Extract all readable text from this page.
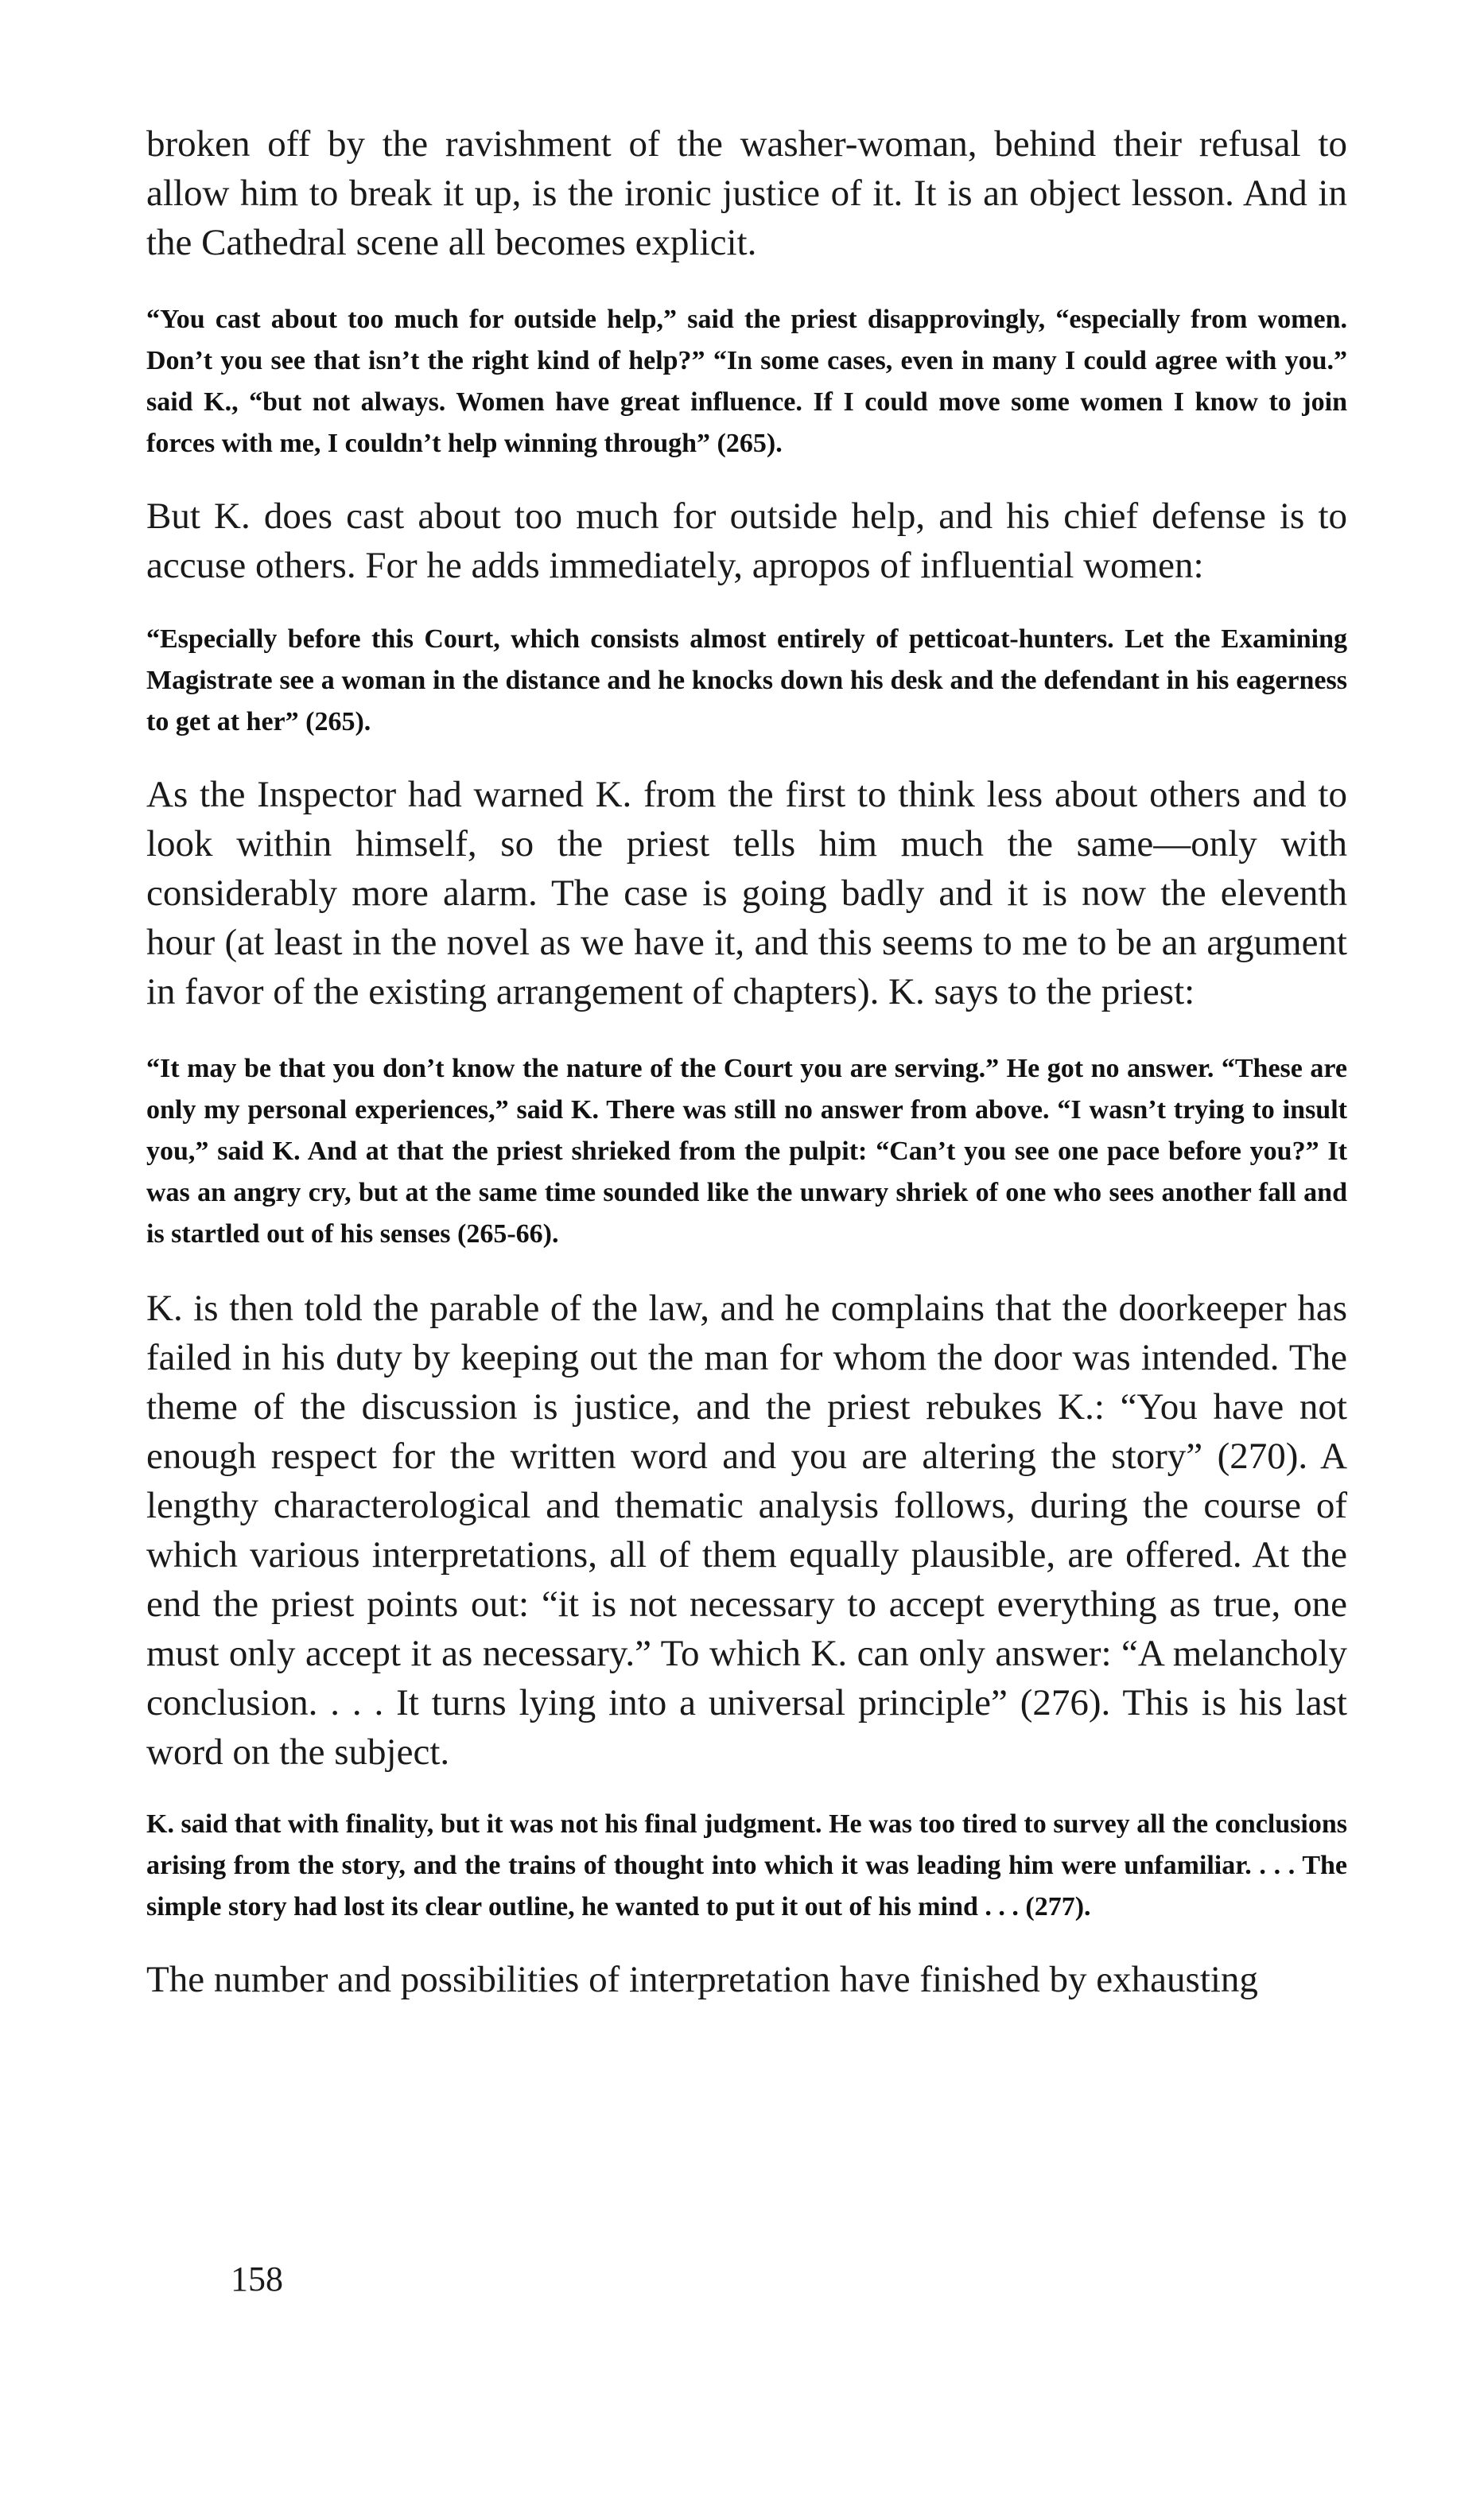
broken off by the ravishment of the washer-woman, behind their refusal to allow him to break it up, is the ironic justice of it. It is an object lesson. And in the Cathedral scene all becomes explicit.

“You cast about too much for outside help,” said the priest disapprovingly, “especially from women. Don’t you see that isn’t the right kind of help?” “In some cases, even in many I could agree with you.” said K., “but not always. Women have great influence. If I could move some women I know to join forces with me, I couldn’t help winning through” (265).

But K. does cast about too much for outside help, and his chief defense is to accuse others. For he adds immediately, apropos of influential women:

“Especially before this Court, which consists almost entirely of petticoat-hunters. Let the Examining Magistrate see a woman in the distance and he knocks down his desk and the defendant in his eagerness to get at her” (265).

As the Inspector had warned K. from the first to think less about others and to look within himself, so the priest tells him much the same—only with considerably more alarm. The case is going badly and it is now the eleventh hour (at least in the novel as we have it, and this seems to me to be an argument in favor of the existing arrangement of chapters). K. says to the priest:

“It may be that you don’t know the nature of the Court you are serving.” He got no answer. “These are only my personal experiences,” said K. There was still no answer from above. “I wasn’t trying to insult you,” said K. And at that the priest shrieked from the pulpit: “Can’t you see one pace before you?” It was an angry cry, but at the same time sounded like the unwary shriek of one who sees another fall and is startled out of his senses (265-66).

K. is then told the parable of the law, and he complains that the doorkeeper has failed in his duty by keeping out the man for whom the door was intended. The theme of the discussion is justice, and the priest rebukes K.: “You have not enough respect for the written word and you are altering the story” (270). A lengthy characterological and thematic analysis follows, during the course of which various interpretations, all of them equally plausible, are offered. At the end the priest points out: “it is not necessary to accept everything as true, one must only accept it as necessary.” To which K. can only answer: “A melancholy conclusion. . . . It turns lying into a universal principle” (276). This is his last word on the subject.

K. said that with finality, but it was not his final judgment. He was too tired to survey all the conclusions arising from the story, and the trains of thought into which it was leading him were unfamiliar. . . . The simple story had lost its clear outline, he wanted to put it out of his mind . . . (277).

The number and possibilities of interpretation have finished by exhausting

158
